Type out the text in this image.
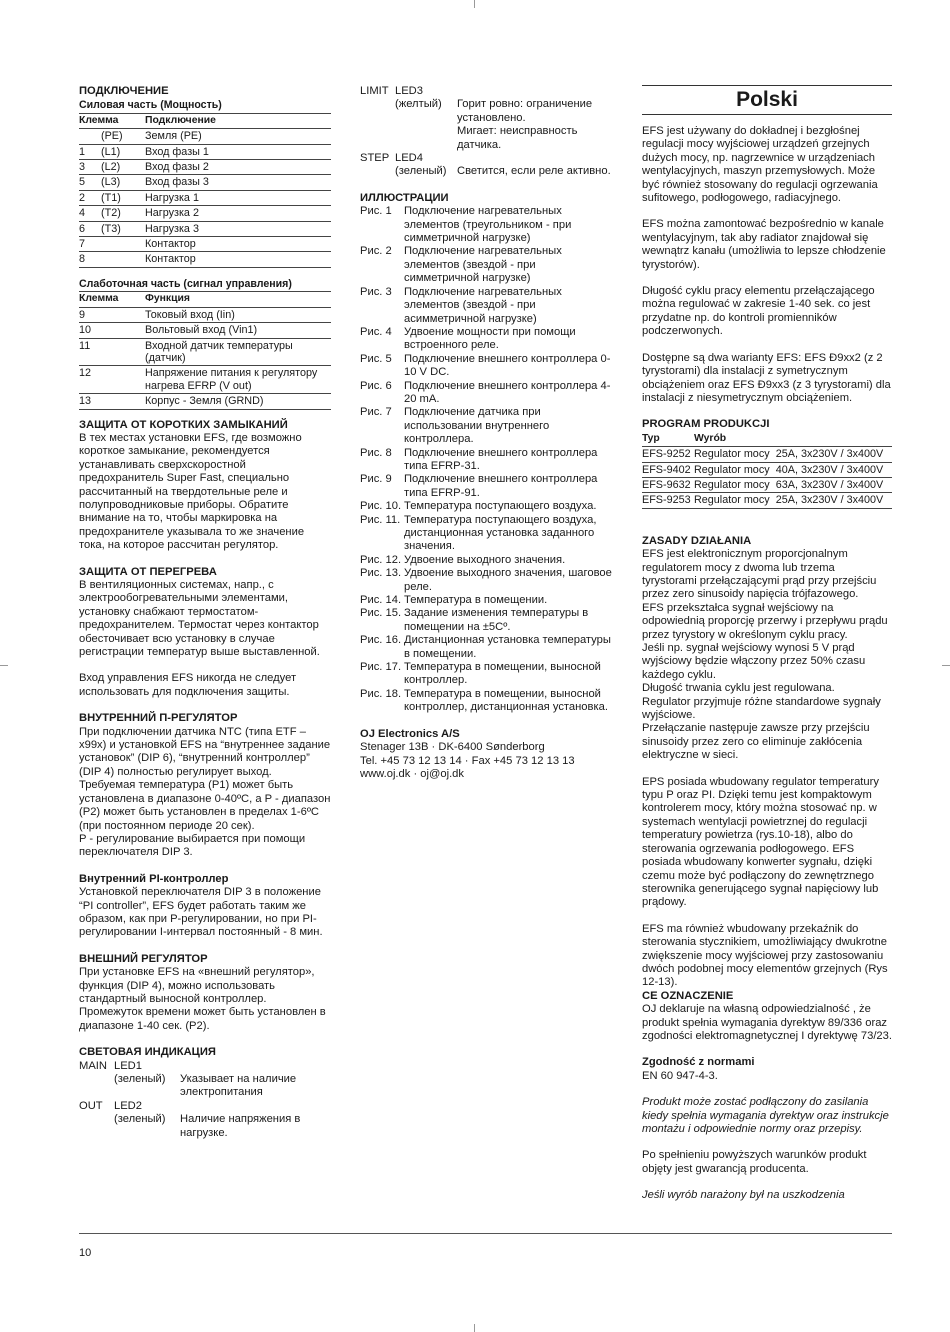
ПОДКЛЮЧЕНИЕ

Силовая часть (Мощность)

Клемма		Подключение
	(PE)	Земля (PE)
1	(L1)	Вход фазы 1
3	(L2)	Вход фазы 2
5	(L3)	Вход фазы 3
2	(T1)	Нагрузка 1
4	(T2)	Нагрузка 2
6	(T3)	Нагрузка 3
7		Контактор
8		Контактор

Слаботочная часть (сигнал управления)

Клемма	Функция
9	Токовый вход (Iin)
10	Вольтовый вход (Vin1)
11	Входной датчик температуры (датчик)
12	Напряжение питания к регулятору нагрева EFRP (V out)
13	Корпус - Земля (GRND)

ЗАЩИТА ОТ КОРОТКИХ ЗАМЫКАНИЙ

В тех местах установки EFS, где возможно короткое замыкание, рекомендуется устанавливать сверхскоростной предохранитель Super Fast, специально рассчитанный на твердотельные реле и полупроводниковые приборы. Обратите внимание на то, чтобы маркировка на предохранителе указывала то же значение тока, на которое рассчитан регулятор.

ЗАЩИТА ОТ ПЕРЕГРЕВА

В вентиляционных системах, напр., с электрообогревательными элементами, установку снабжают термостатом-предохранителем. Термостат через контактор обесточивает всю установку в случае регистрации температур выше выставленной.

Вход управления EFS никогда не следует использовать для подключения защиты.

ВНУТРЕННИЙ П-РЕГУЛЯТОР

При подключении датчика NTC (типа ETF – x99x) и установкой EFS на “внутреннее задание установок” (DIP 6), “внутренний контроллер” (DIP 4) полностью регулирует выход. Требуемая температура (P1) может быть установлена в диапазоне 0-40ºC, а P - диапазон (P2) может быть установлен в пределах 1-6ºC (при постоянном периоде 20 сек).

P - регулирование выбирается при помощи переключателя DIP 3.

Внутренний PI-контроллер

Установкой переключателя DIP 3 в положение “PI controller”, EFS будет работать таким же образом, как при P-регулировании, но при PI-регулировании I-интервал постоянный - 8 мин.

ВНЕШНИЙ РЕГУЛЯТОР

При установке EFS на «внешний регулятор», функция (DIP 4), можно использовать стандартный выносной контроллер. Промежуток времени может быть установлен в диапазоне 1-40 сек. (P2).

СВЕТОВАЯ ИНДИКАЦИЯ

MAIN LED1
(зеленый)	Указывает на наличие электропитания
OUT	LED2
(зеленый)	Наличие напряжения в нагрузке.
LIMIT LED3
(желтый)	Горит ровно: ограничение установлено.
Мигает: неисправность датчика.
STEP LED4
(зеленый) Светится, если реле активно.

ИЛЛЮСТРАЦИИ

Рис. 1	Подключение нагревательных элементов (треугольником - при симметричной нагрузке)
Рис. 2	Подключение нагревательных элементов (звездой - при симметричной нагрузке)
Рис. 3	Подключение нагревательных элементов (звездой - при асимметричной нагрузке)
Рис. 4	Удвоение мощности при помощи встроенного реле.
Рис. 5	Подключение внешнего контроллера 0-10 V DC.
Рис. 6	Подключение внешнего контроллера 4-20 mA.
Рис. 7	Подключение датчика при использовании внутреннего контроллера.
Рис. 8	Подключение внешнего контроллера типа EFRP-31.
Рис. 9	Подключение внешнего контроллера типа EFRP-91.
Рис. 10. Температура поступающего воздуха.
Рис. 11. Температура поступающего воздуха, дистанционная установка заданного значения.
Рис. 12. Удвоение выходного значения.
Рис. 13. Удвоение выходного значения, шаговое реле.
Рис. 14. Температура в помещении.
Рис. 15. Задание изменения температуры в помещении на ±5Cº.
Рис. 16. Дистанционная установка температуры в помещении.
Рис. 17. Температура в помещении, выносной контроллер.
Рис. 18. Температура в помещении, выносной контроллер, дистанционная установка.

OJ Electronics A/S

Stenager 13B · DK-6400 Sønderborg

Tel. +45 73 12 13 14 · Fax +45 73 12 13 13

www.oj.dk · oj@oj.dk

Polski

EFS jest używany do dokładnej i bezgłośnej regulacji mocy wyjściowej urządzeń grzejnych dużych mocy, np. nagrzewnice w urządzeniach wentylacyjnych, maszyn przemysłowych. Może być również stosowany do regulacji ogrzewania sufitowego, podłogowego, radiacyjnego.

EFS można zamontować bezpośrednio w kanale wentylacyjnym, tak aby radiator znajdował się wewnątrz kanału (umożliwia to lepsze chłodzenie tyrystorów).

Długość cyklu pracy elementu przełączającego można regulować w zakresie 1-40 sek. co jest przydatne np. do kontroli promienników podczerwonych.

Dostępne są dwa warianty EFS: EFS Ð9xx2 (z 2 tyrystorami) dla instalacji z symetrycznym obciążeniem oraz EFS Ð9xx3 (z 3 tyrystorami) dla instalacji z niesymetrycznym obciążeniem.

PROGRAM PRODUKCJI

Typ	Wyrób	
EFS-9252	Regulator mocy	25A, 3x230V / 3x400V
EFS-9402	Regulator mocy	40A, 3x230V / 3x400V
EFS-9632	Regulator mocy	63A, 3x230V / 3x400V
EFS-9253	Regulator mocy	25A, 3x230V / 3x400V

ZASADY DZIAŁANIA

EFS jest elektronicznym proporcjonalnym regulatorem mocy z dwoma lub trzema tyrystorami przełączającymi prąd przy przejściu przez zero sinusoidy napięcia trójfazowego.

EFS przekształca sygnał wejściowy na odpowiednią proporcję przerwy i przepływu prądu przez tyrystory w określonym cyklu pracy.

Jeśli np. sygnał wejściowy wynosi 5 V prąd wyjściowy będzie włączony przez 50% czasu każdego cyklu.

Długość trwania cyklu jest regulowana.

Regulator przyjmuje różne standardowe sygnały wyjściowe.

Przełączanie następuje zawsze przy przejściu sinusoidy przez zero co eliminuje zakłócenia elektryczne w sieci.

EPS posiada wbudowany regulator temperatury typu P oraz PI. Dzięki temu jest kompaktowym kontrolerem mocy, który można stosować np. w systemach wentylacji powietrznej do regulacji temperatury powietrza (rys.10-18), albo do sterowania ogrzewania podłogowego. EFS posiada wbudowany konwerter sygnału, dzięki czemu może być podłączony do zewnętrznego sterownika generującego sygnał napięciowy lub prądowy.

EFS ma również wbudowany przekaźnik do sterowania stycznikiem, umożliwiający dwukrotne zwiększenie mocy wyjściowej przy zastosowaniu dwóch podobnej mocy elementów grzejnych (Rys 12-13).

CE OZNACZENIE

OJ deklaruje na własną odpowiedzialność , że produkt spełnia wymagania dyrektyw 89/336 oraz zgodności elektromagnetycznej I dyrektywę 73/23.

Zgodność z normami

EN 60 947-4-3.

Produkt może zostać podłączony do zasilania kiedy spełnia wymagania dyrektyw oraz instrukcje montażu i odpowiednie normy oraz przepisy.

Po spełnieniu powyższych warunków produkt objęty jest gwarancją producenta.

Jeśli wyrób narażony był na uszkodzenia

10
